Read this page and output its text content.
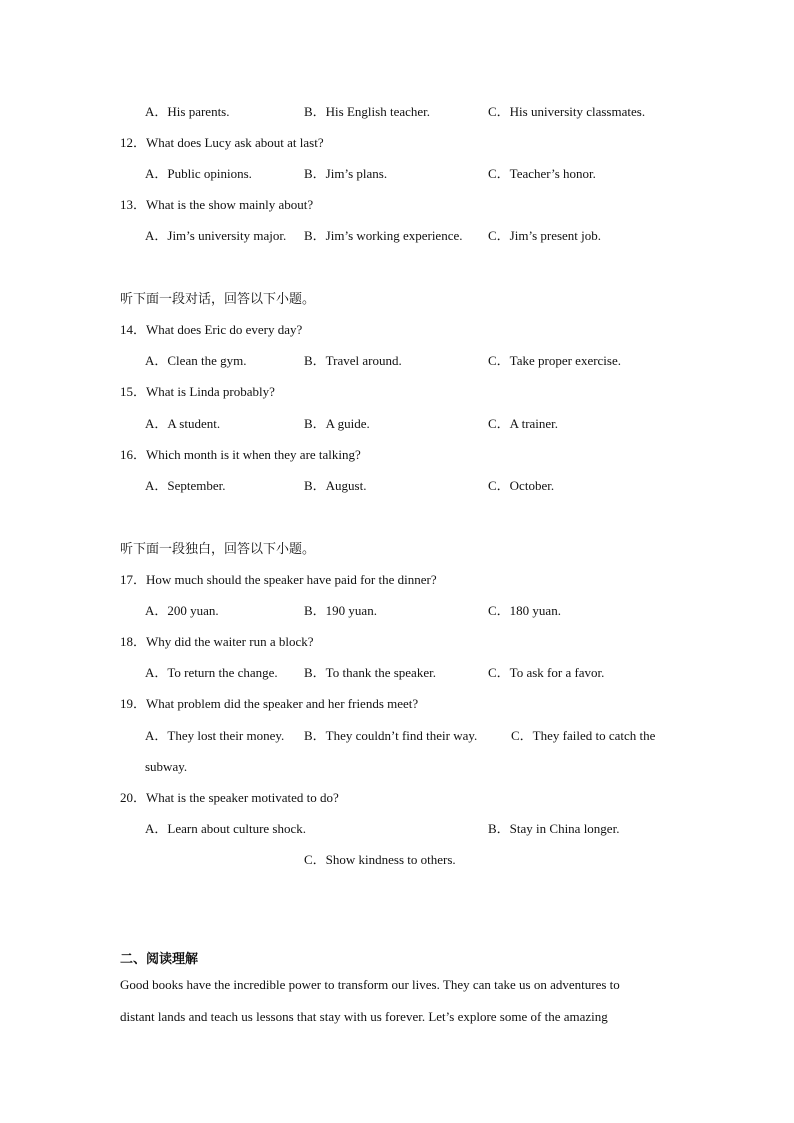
A．His parents.	B．His English teacher.	C．His university classmates.
12．What does Lucy ask about at last?
A．Public opinions.	B．Jim’s plans.	C．Teacher’s honor.
13．What is the show mainly about?
A．Jim’s university major. B．Jim’s working experience. C．Jim’s present job.
听下面一段对话，回答以下小题。
14．What does Eric do every day?
A．Clean the gym.	B．Travel around.	C．Take proper exercise.
15．What is Linda probably?
A．A student.	B．A guide.	C．A trainer.
16．Which month is it when they are talking?
A．September.	B．August.	C．October.
听下面一段独白，回答以下小题。
17．How much should the speaker have paid for the dinner?
A．200 yuan.	B．190 yuan.	C．180 yuan.
18．Why did the waiter run a block?
A．To return the change. B．To thank the speaker.	C．To ask for a favor.
19．What problem did the speaker and her friends meet?
A．They lost their money. B．They couldn’t find their way.	C．They failed to catch the
subway.
20．What is the speaker motivated to do?
A．Learn about culture shock.	B．Stay in China longer.
C．Show kindness to others.
二、阅读理解
Good books have the incredible power to transform our lives. They can take us on adventures to
distant lands and teach us lessons that stay with us forever. Let’s explore some of the amazing
